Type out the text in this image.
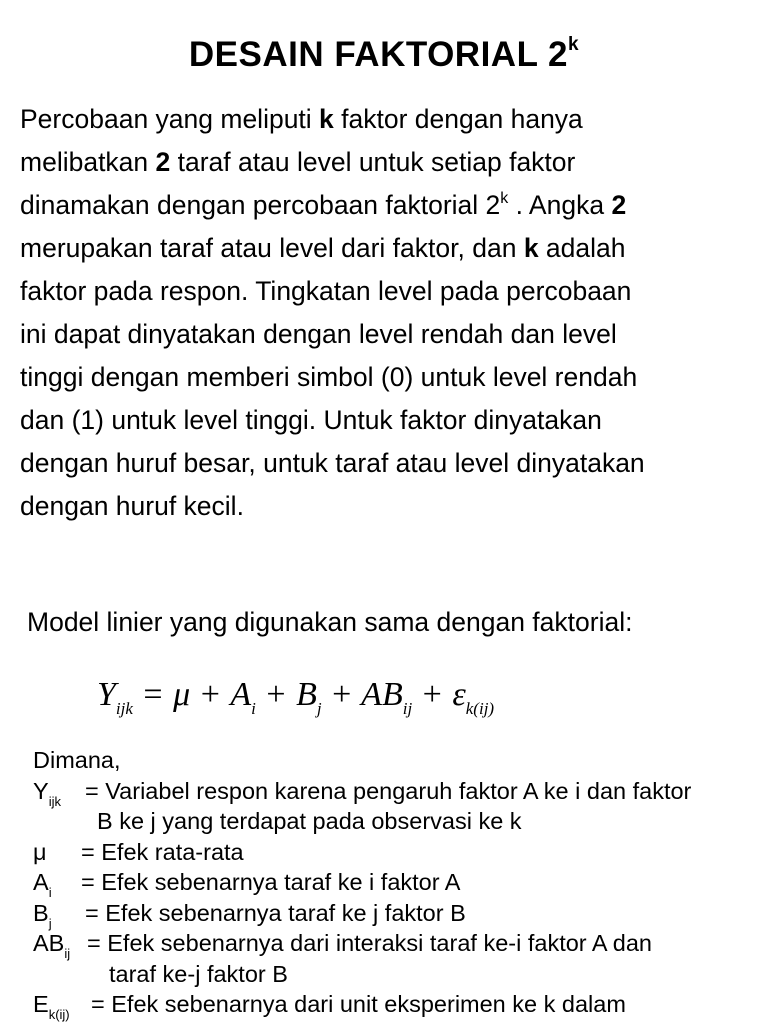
DESAIN FAKTORIAL 2$^k$
Percobaan yang meliputi k faktor dengan hanya
melibatkan 2 taraf atau level untuk setiap faktor
dinamakan dengan percobaan faktorial 2$^k$ . Angka 2
merupakan taraf atau level dari faktor, dan k adalah
faktor pada respon. Tingkatan level pada percobaan
ini dapat dinyatakan dengan level rendah dan level
tinggi dengan memberi simbol (0) untuk level rendah
dan (1) untuk level tinggi. Untuk faktor dinyatakan
dengan huruf besar, untuk taraf atau level dinyatakan
dengan huruf kecil.
Model linier yang digunakan sama dengan faktorial:
$Y_{ijk} = \mu + A_i + B_j + AB_{ij} + \varepsilon_{k(ij)}$
Dimana,
$Y_{ijk}$ = Variabel respon karena pengaruh faktor A ke i dan faktor
B ke j yang terdapat pada observasi ke k
μ = Efek rata-rata
$A_i$ = Efek sebenarnya taraf ke i faktor A
$B_j$ = Efek sebenarnya taraf ke j faktor B
$AB_{ij}$ = Efek sebenarnya dari interaksi taraf ke-i faktor A dan
taraf ke-j faktor B
$E_{k(ij)}$ = Efek sebenarnya dari unit eksperimen ke k dalam
